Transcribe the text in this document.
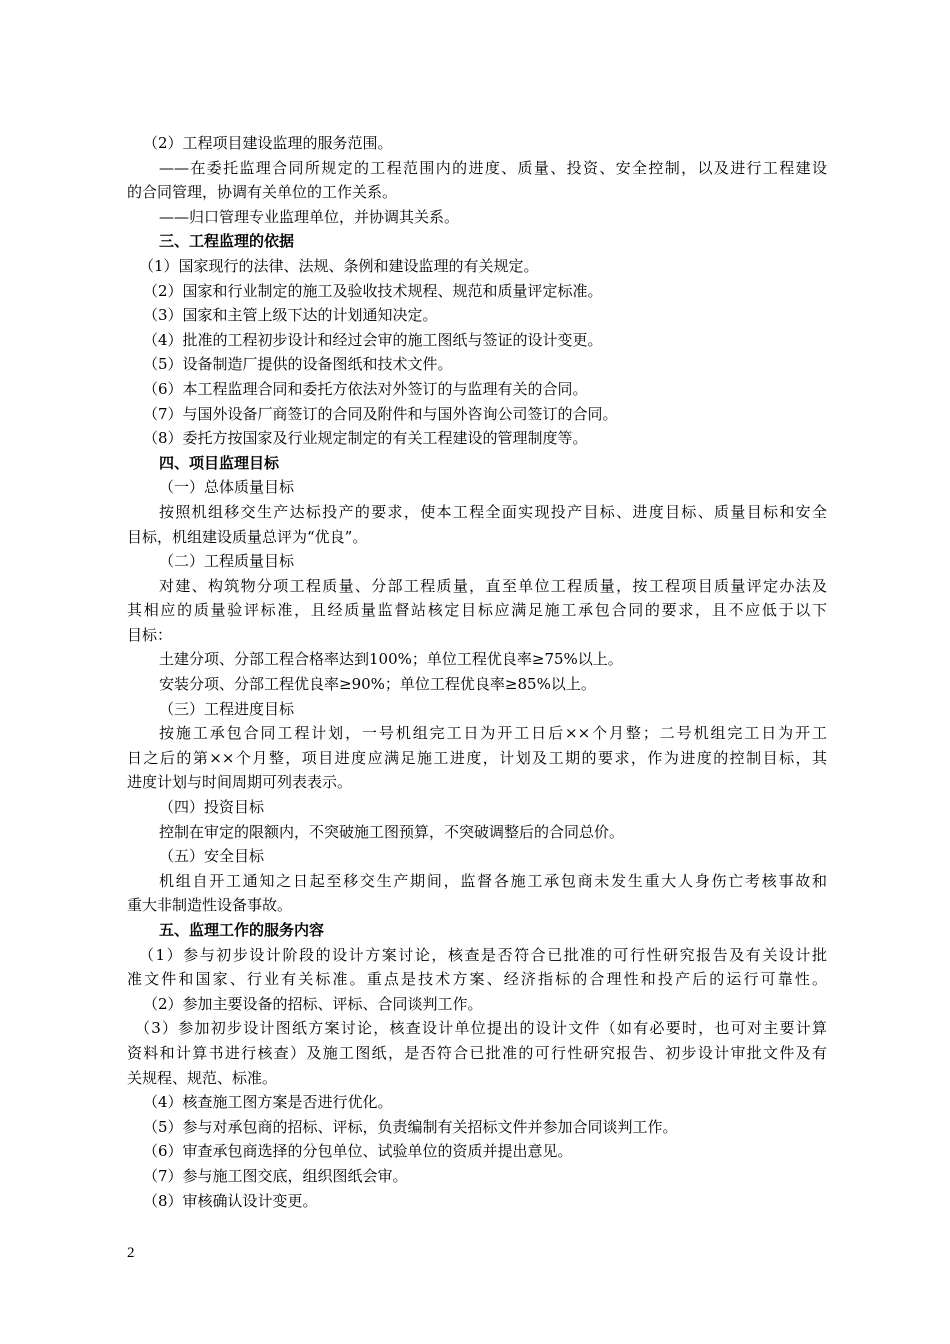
（2）工程项目建设监理的服务范围。
——在委托监理合同所规定的工程范围内的进度、质量、投资、安全控制，以及进行工程建设
的合同管理，协调有关单位的工作关系。
——归口管理专业监理单位，并协调其关系。
三、工程监理的依据
（1）国家现行的法律、法规、条例和建设监理的有关规定。
（2）国家和行业制定的施工及验收技术规程、规范和质量评定标准。
（3）国家和主管上级下达的计划通知决定。
（4）批准的工程初步设计和经过会审的施工图纸与签证的设计变更。
（5）设备制造厂提供的设备图纸和技术文件。
（6）本工程监理合同和委托方依法对外签订的与监理有关的合同。
（7）与国外设备厂商签订的合同及附件和与国外咨询公司签订的合同。
（8）委托方按国家及行业规定制定的有关工程建设的管理制度等。
四、项目监理目标
（一）总体质量目标
按照机组移交生产达标投产的要求，使本工程全面实现投产目标、进度目标、质量目标和安全
目标，机组建设质量总评为“优良”。
（二）工程质量目标
对建、构筑物分项工程质量、分部工程质量，直至单位工程质量，按工程项目质量评定办法及
其相应的质量验评标准，且经质量监督站核定目标应满足施工承包合同的要求，且不应低于以下
目标：
土建分项、分部工程合格率达到100%；单位工程优良率≥75%以上。
安装分项、分部工程优良率≥90%；单位工程优良率≥85%以上。
（三）工程进度目标
按施工承包合同工程计划，一号机组完工日为开工日后××个月整；二号机组完工日为开工
日之后的第××个月整，项目进度应满足施工进度，计划及工期的要求，作为进度的控制目标，其
进度计划与时间周期可列表表示。
（四）投资目标
控制在审定的限额内，不突破施工图预算，不突破调整后的合同总价。
（五）安全目标
机组自开工通知之日起至移交生产期间，监督各施工承包商未发生重大人身伤亡考核事故和
重大非制造性设备事故。
五、监理工作的服务内容
（1）参与初步设计阶段的设计方案讨论，核查是否符合已批准的可行性研究报告及有关设计批
准文件和国家、行业有关标准。重点是技术方案、经济指标的合理性和投产后的运行可靠性。
（2）参加主要设备的招标、评标、合同谈判工作。
（3）参加初步设计图纸方案讨论，核查设计单位提出的设计文件（如有必要时，也可对主要计算
资料和计算书进行核查）及施工图纸，是否符合已批准的可行性研究报告、初步设计审批文件及有
关规程、规范、标准。
（4）核查施工图方案是否进行优化。
（5）参与对承包商的招标、评标，负责编制有关招标文件并参加合同谈判工作。
（6）审查承包商选择的分包单位、试验单位的资质并提出意见。
（7）参与施工图交底，组织图纸会审。
（8）审核确认设计变更。
2
